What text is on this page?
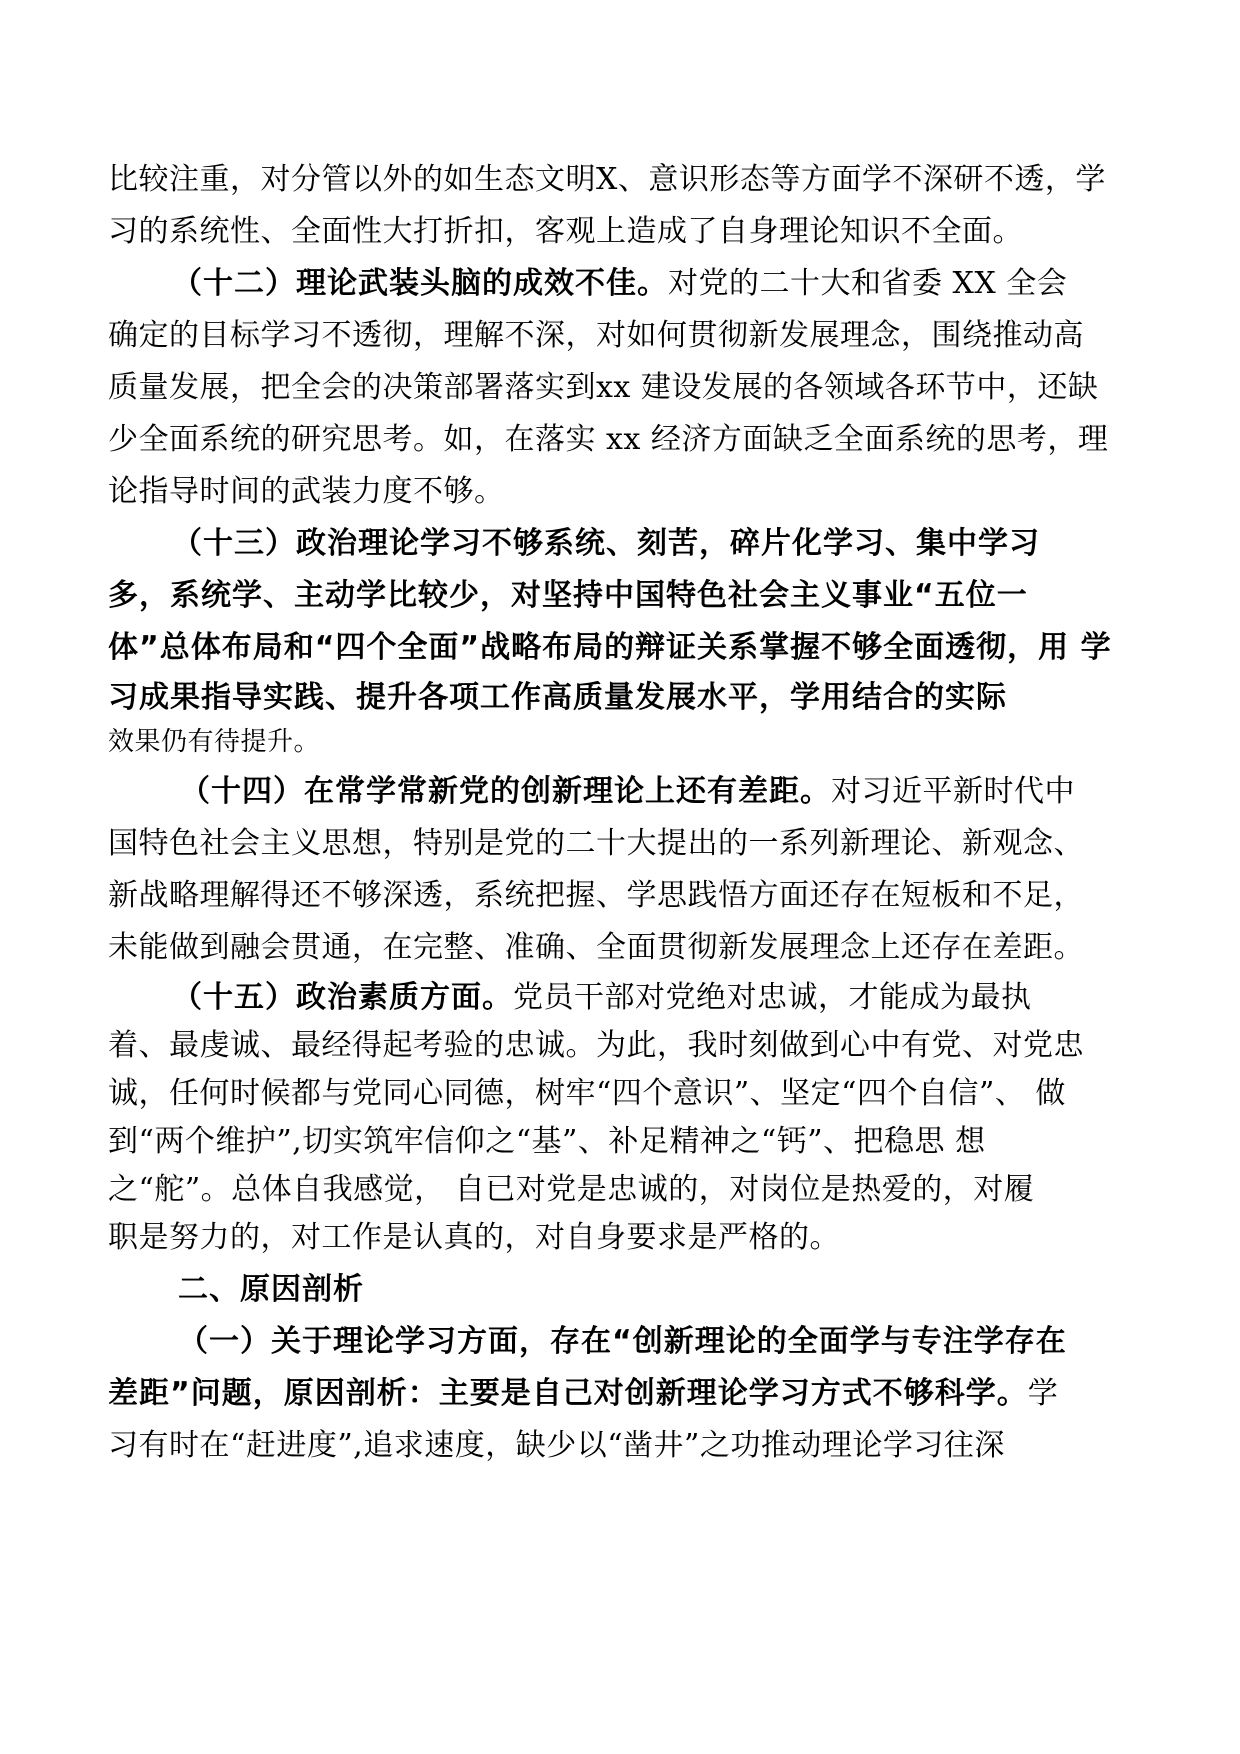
比较注重，对分管以外的如生态文明X、意识形态等方面学不深研不透，学
习的系统性、全面性大打折扣，客观上造成了自身理论知识不全面。
（十二）理论武装头脑的成效不佳。对党的二十大和省委 XX 全会
确定的目标学习不透彻，理解不深，对如何贯彻新发展理念，围绕推动高
质量发展，把全会的决策部署落实到xx 建设发展的各领域各环节中，还缺
少全面系统的研究思考。如，在落实 xx 经济方面缺乏全面系统的思考，理
论指导时间的武装力度不够。
（十三）政治理论学习不够系统、刻苦，碎片化学习、集中学习
多，系统学、主动学比较少，对坚持中国特色社会主义事业“五位一
体”总体布局和“四个全面”战略布局的辩证关系掌握不够全面透彻，用 学
习成果指导实践、提升各项工作高质量发展水平，学用结合的实际
效果仍有待提升。
（十四）在常学常新党的创新理论上还有差距。对习近平新时代中
国特色社会主义思想，特别是党的二十大提出的一系列新理论、新观念、
新战略理解得还不够深透，系统把握、学思践悟方面还存在短板和不足，
未能做到融会贯通，在完整、准确、全面贯彻新发展理念上还存在差距。
（十五）政治素质方面。党员干部对党绝对忠诚，才能成为最执
着、最虔诚、最经得起考验的忠诚。为此，我时刻做到心中有党、对党忠
诚，任何时候都与党同心同德，树牢“四个意识”、坚定“四个自信”、 做
到“两个维护”,切实筑牢信仰之“基”、补足精神之“钙”、把稳思 想
之“舵”。总体自我感觉， 自已对党是忠诚的，对岗位是热爱的，对履
职是努力的，对工作是认真的，对自身要求是严格的。
二、原因剖析
（一）关于理论学习方面，存在“创新理论的全面学与专注学存在
差距”问题，原因剖析：主要是自己对创新理论学习方式不够科学。学
习有时在“赶进度”,追求速度，缺少以“凿井”之功推动理论学习往深
